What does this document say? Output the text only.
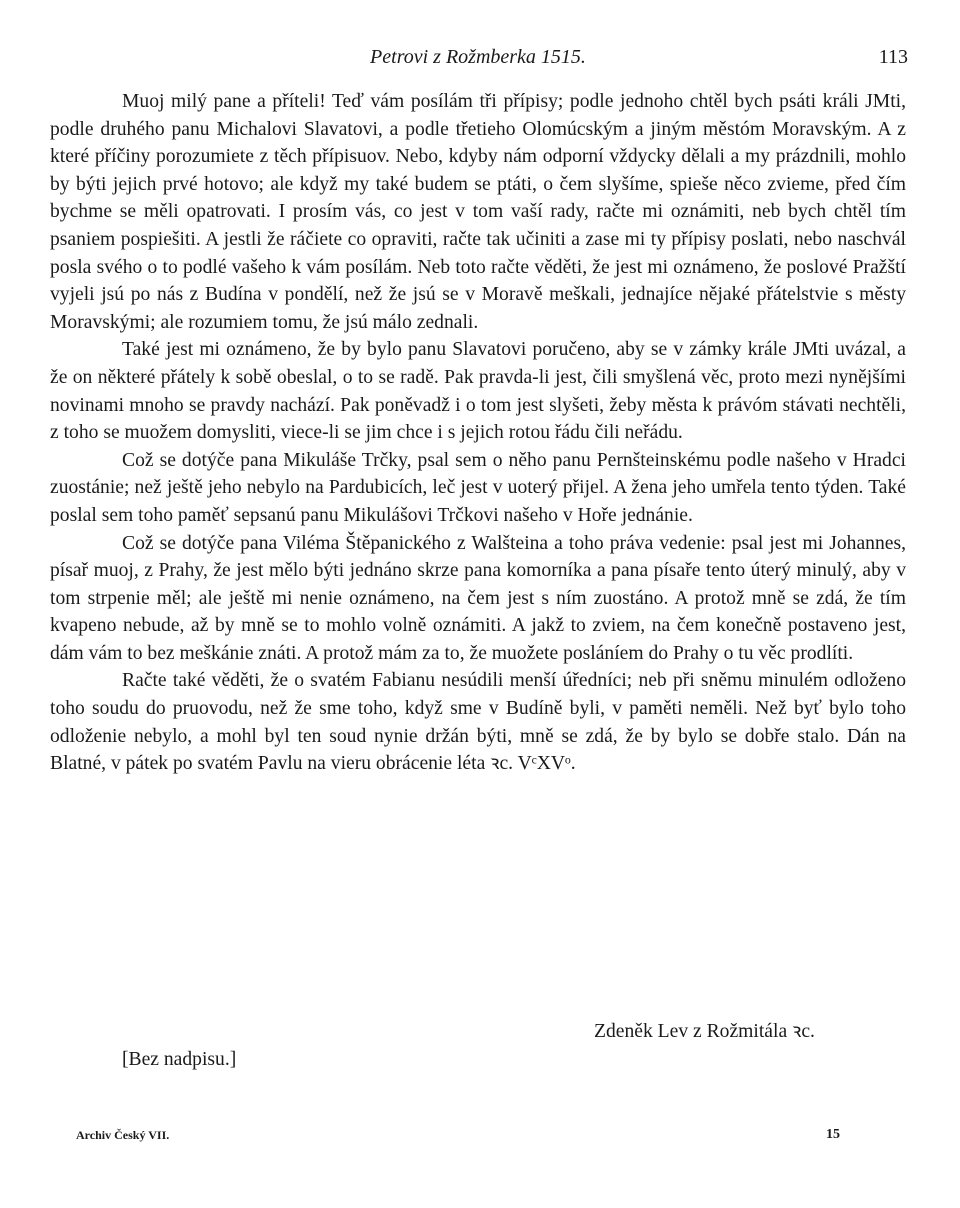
Petrovi z Rožmberka 1515.	113

Muoj milý pane a příteli! Teď vám posílám tři přípisy; podle jednoho chtěl bych psáti králi JMti, podle druhého panu Michalovi Slavatovi, a podle třetieho Olomúcským a jiným městóm Moravským. A z které příčiny porozumiete z těch přípisuov. Nebo, kdyby nám odporní vždycky dělali a my prázdnili, mohlo by býti jejich prvé hotovo; ale když my také budem se ptáti, o čem slyšíme, spieše něco zvieme, před čím bychme se měli opatrovati. I prosím vás, co jest v tom vaší rady, račte mi oznámiti, neb bych chtěl tím psaniem pospiešiti. A jestli že ráčiete co opraviti, račte tak učiniti a zase mi ty přípisy poslati, nebo naschvál posla svého o to podlé vašeho k vám posílám. Neb toto račte věděti, že jest mi oznámeno, že poslové Pražští vyjeli jsú po nás z Budína v pondělí, než že jsú se v Moravě meškali, jednajíce nějaké přátelstvie s městy Moravskými; ale rozumiem tomu, že jsú málo zednali.

Také jest mi oznámeno, že by bylo panu Slavatovi poručeno, aby se v zámky krále JMti uvázal, a že on některé přátely k sobě obeslal, o to se radě. Pak pravda-li jest, čili smyšlená věc, proto mezi nynějšími novinami mnoho se pravdy nachází. Pak poněvadž i o tom jest slyšeti, žeby města k právóm stávati nechtěli, z toho se muožem domysliti, viece-li se jim chce i s jejich rotou řádu čili neřádu.

Což se dotýče pana Mikuláše Trčky, psal sem o něho panu Pernšteinskému podle našeho v Hradci zuostánie; než ještě jeho nebylo na Pardubicích, leč jest v uoterý přijel. A žena jeho umřela tento týden. Také poslal sem toho paměť sepsanú panu Mikulášovi Trčkovi našeho v Hoře jednánie.

Což se dotýče pana Viléma Štěpanického z Walšteina a toho práva vedenie: psal jest mi Johannes, písař muoj, z Prahy, že jest mělo býti jednáno skrze pana komorníka a pana písaře tento úterý minulý, aby v tom strpenie měl; ale ještě mi nenie oznámeno, na čem jest s ním zuostáno. A protož mně se zdá, že tím kvapeno nebude, až by mně se to mohlo volně oznámiti. A jakž to zviem, na čem konečně postaveno jest, dám vám to bez meškánie znáti. A protož mám za to, že muožete posláníem do Prahy o tu věc prodlíti.

Račte také věděti, že o svatém Fabianu nesúdili menší úředníci; neb při sněmu minulém odloženo toho soudu do pruovodu, než že sme toho, když sme v Budíně byli, v paměti neměli. Než byť bylo toho odloženie nebylo, a mohl byl ten soud nynie držán býti, mně se zdá, že by bylo se dobře stalo. Dán na Blatné, v pátek po svatém Pavlu na vieru obrácenie léta ꝛc. VᶜXVᵒ.

Zdeněk Lev z Rožmitála ꝛc.
[Bez nadpisu.]
Archiv Český VII.	15
